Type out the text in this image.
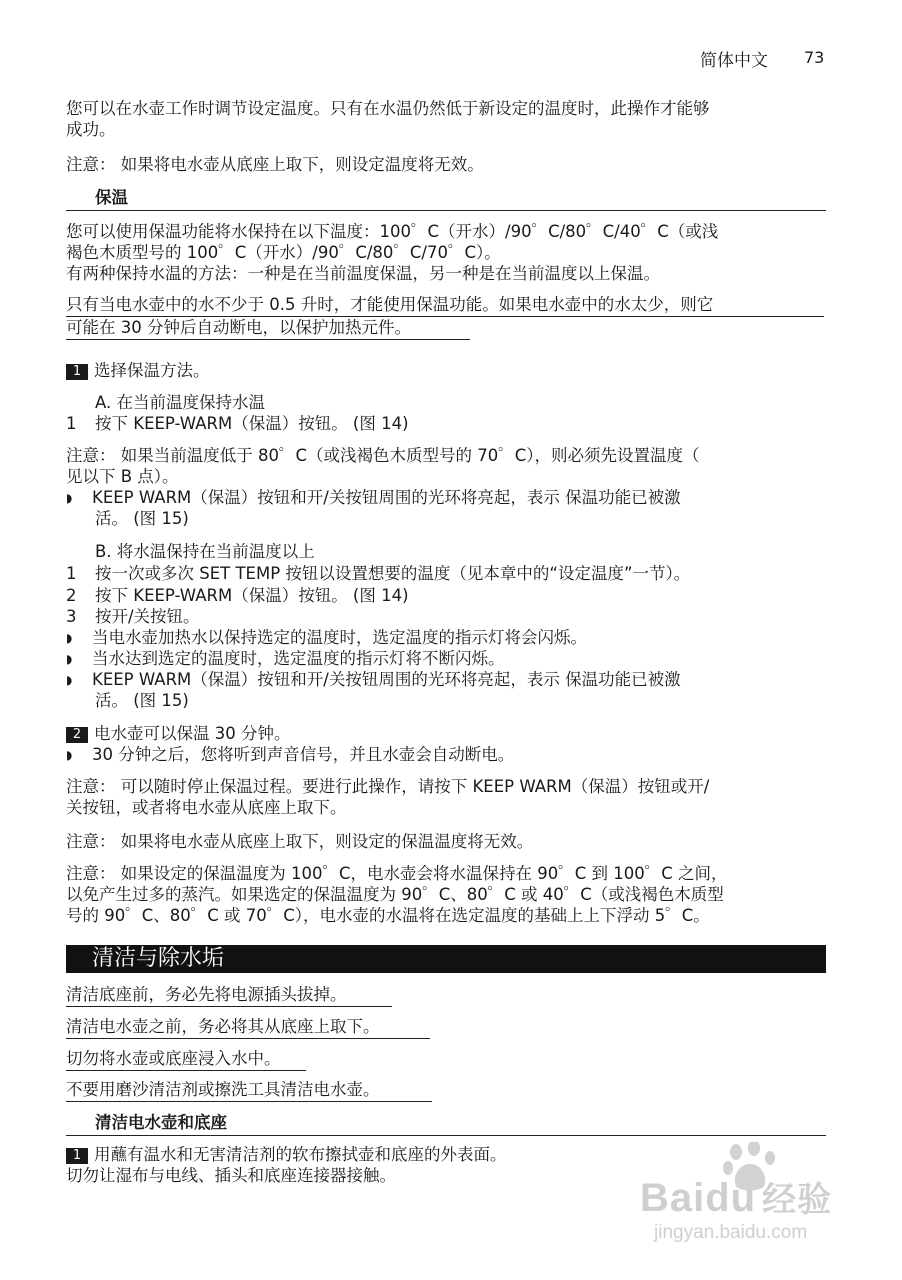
简体中文 73
您可以在水壶工作时调节设定温度。只有在水温仍然低于新设定的温度时，此操作才能够
成功。
注意： 如果将电水壶从底座上取下，则设定温度将无效。
保温
您可以使用保温功能将水保持在以下温度：100゜C（开水）/90゜C/80゜C/40゜C（或浅
褐色木质型号的 100゜C（开水）/90゜C/80゜C/70゜C）。
有两种保持水温的方法：一种是在当前温度保温，另一种是在当前温度以上保温。
只有当电水壶中的水不少于 0.5 升时，才能使用保温功能。如果电水壶中的水太少，则它
可能在 30 分钟后自动断电，以保护加热元件。
1 选择保温方法。
A. 在当前温度保持水温
1 按下 KEEP-WARM（保温）按钮。 (图 14)
注意： 如果当前温度低于 80゜C（或浅褐色木质型号的 70゜C），则必须先设置温度（
见以下 B 点）。
◗ KEEP WARM（保温）按钮和开/关按钮周围的光环将亮起，表示 保温功能已被激
活。 (图 15)
B. 将水温保持在当前温度以上
1 按一次或多次 SET TEMP 按钮以设置想要的温度（见本章中的“设定温度”一节）。
2 按下 KEEP-WARM（保温）按钮。 (图 14)
3 按开/关按钮。
◗ 当电水壶加热水以保持选定的温度时，选定温度的指示灯将会闪烁。
◗ 当水达到选定的温度时，选定温度的指示灯将不断闪烁。
◗ KEEP WARM（保温）按钮和开/关按钮周围的光环将亮起，表示 保温功能已被激
活。 (图 15)
2 电水壶可以保温 30 分钟。
◗ 30 分钟之后，您将听到声音信号，并且水壶会自动断电。
注意： 可以随时停止保温过程。要进行此操作，请按下 KEEP WARM（保温）按钮或开/
关按钮，或者将电水壶从底座上取下。
注意： 如果将电水壶从底座上取下，则设定的保温温度将无效。
注意： 如果设定的保温温度为 100゜C，电水壶会将水温保持在 90゜C 到 100゜C 之间，
以免产生过多的蒸汽。如果选定的保温温度为 90゜C、80゜C 或 40゜C（或浅褐色木质型
号的 90゜C、80゜C 或 70゜C），电水壶的水温将在选定温度的基础上上下浮动 5゜C。
清洁与除水垢
清洁底座前，务必先将电源插头拔掉。
清洁电水壶之前，务必将其从底座上取下。
切勿将水壶或底座浸入水中。
不要用磨沙清洁剂或擦洗工具清洁电水壶。
清洁电水壶和底座
1 用蘸有温水和无害清洁剂的软布擦拭壶和底座的外表面。
切勿让湿布与电线、插头和底座连接器接触。
Baidu 经验
jingyan.baidu.com
